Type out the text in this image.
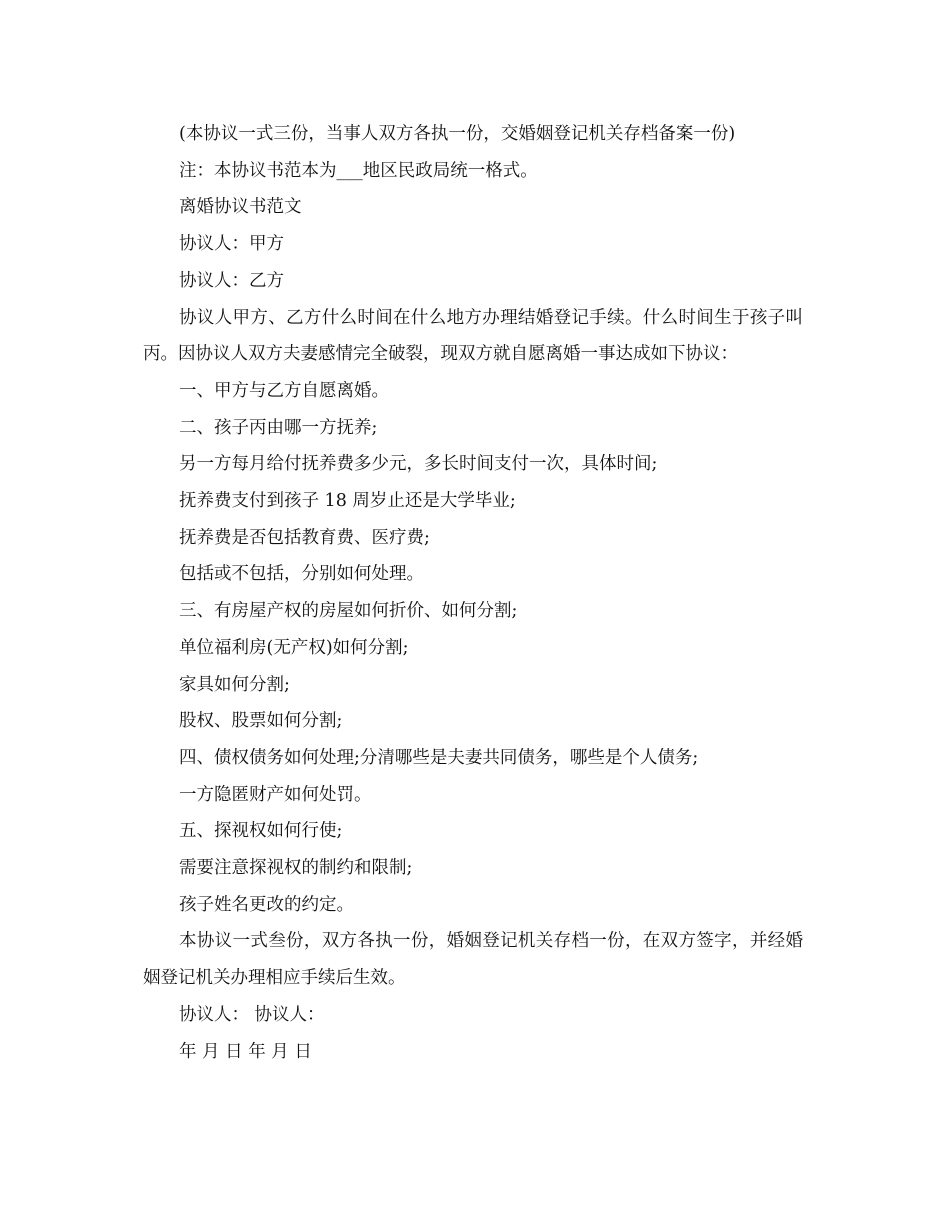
(本协议一式三份，当事人双方各执一份，交婚姻登记机关存档备案一份)

注：本协议书范本为___地区民政局统一格式。

离婚协议书范文

协议人：甲方

协议人：乙方

协议人甲方、乙方什么时间在什么地方办理结婚登记手续。什么时间生于孩子叫丙。因协议人双方夫妻感情完全破裂，现双方就自愿离婚一事达成如下协议：

一、甲方与乙方自愿离婚。

二、孩子丙由哪一方抚养;

另一方每月给付抚养费多少元，多长时间支付一次，具体时间;

抚养费支付到孩子 18 周岁止还是大学毕业;

抚养费是否包括教育费、医疗费;

包括或不包括，分别如何处理。

三、有房屋产权的房屋如何折价、如何分割;

单位福利房(无产权)如何分割;

家具如何分割;

股权、股票如何分割;

四、债权债务如何处理;分清哪些是夫妻共同债务，哪些是个人债务;

一方隐匿财产如何处罚。

五、探视权如何行使;

需要注意探视权的制约和限制;

孩子姓名更改的约定。

本协议一式叁份，双方各执一份，婚姻登记机关存档一份，在双方签字，并经婚姻登记机关办理相应手续后生效。

协议人： 协议人：

年 月 日 年 月 日
